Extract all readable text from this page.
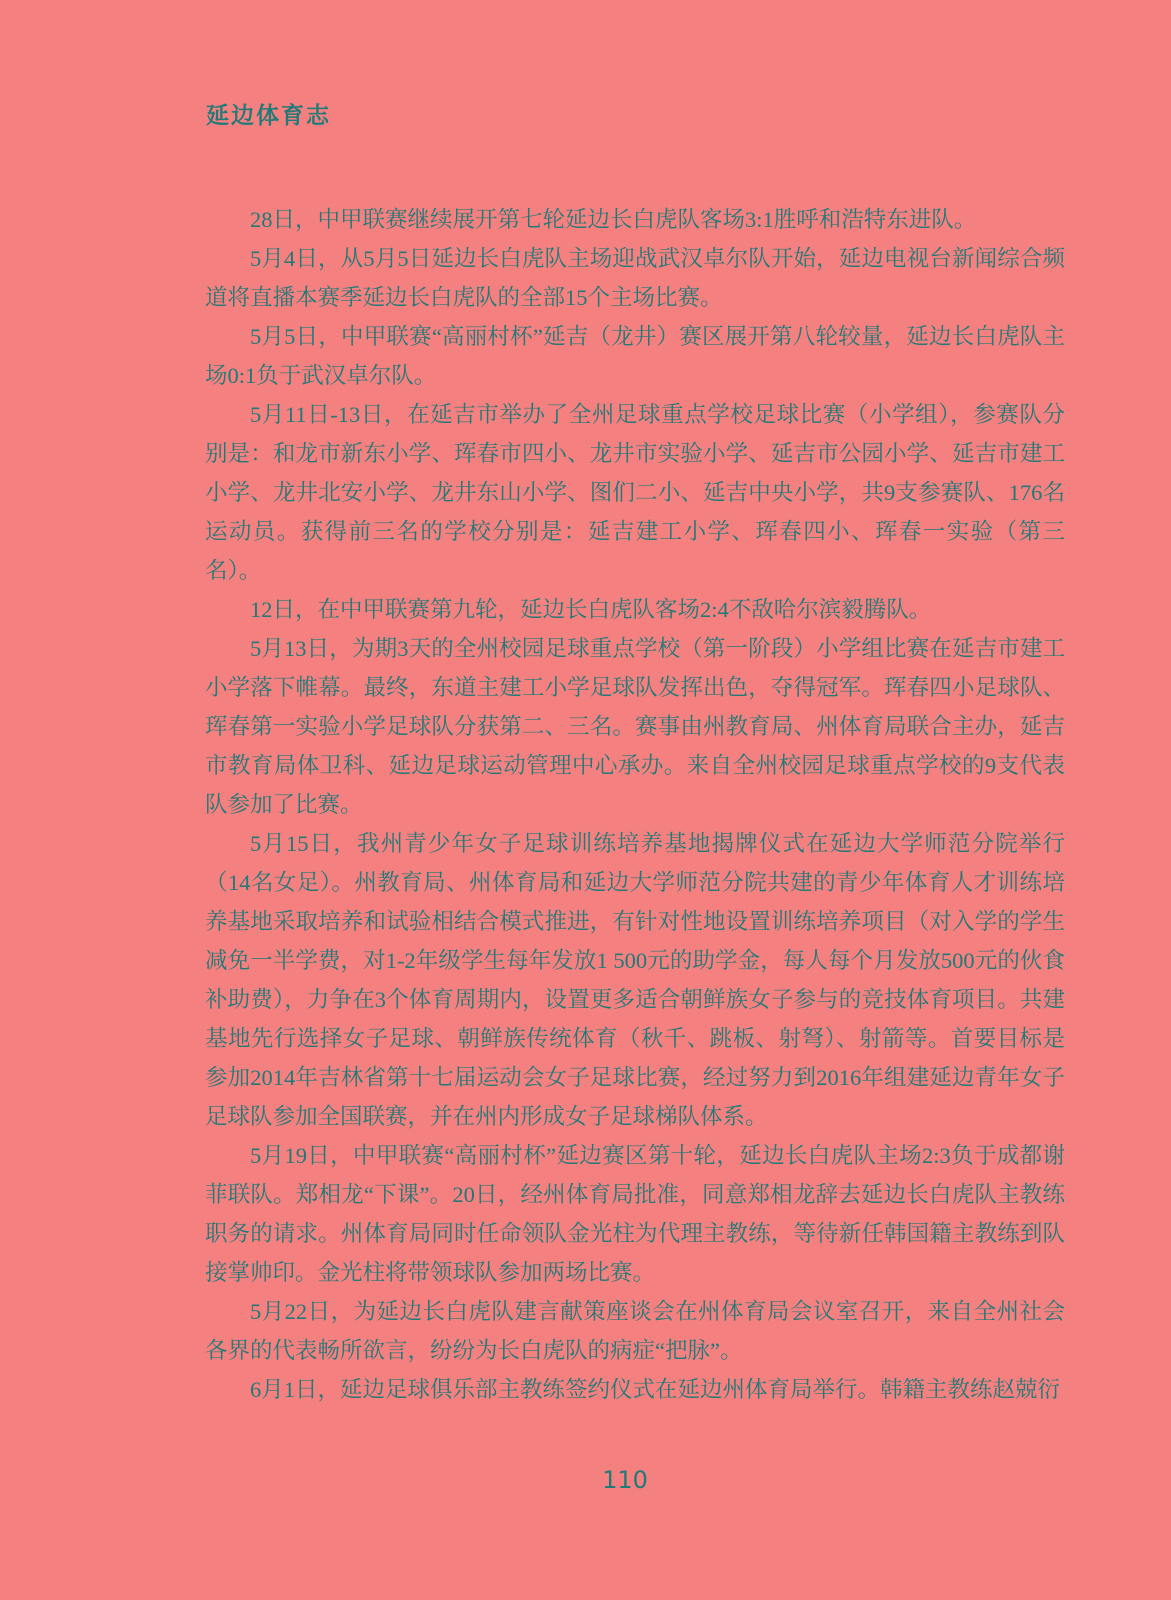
延边体育志

28日，中甲联赛继续展开第七轮延边长白虎队客场3:1胜呼和浩特东进队。

5月4日，从5月5日延边长白虎队主场迎战武汉卓尔队开始，延边电视台新闻综合频道将直播本赛季延边长白虎队的全部15个主场比赛。

5月5日，中甲联赛“高丽村杯”延吉（龙井）赛区展开第八轮较量，延边长白虎队主场0:1负于武汉卓尔队。

5月11日-13日，在延吉市举办了全州足球重点学校足球比赛（小学组），参赛队分别是：和龙市新东小学、珲春市四小、龙井市实验小学、延吉市公园小学、延吉市建工小学、龙井北安小学、龙井东山小学、图们二小、延吉中央小学，共9支参赛队、176名运动员。获得前三名的学校分别是：延吉建工小学、珲春四小、珲春一实验（第三名）。

12日，在中甲联赛第九轮，延边长白虎队客场2:4不敌哈尔滨毅腾队。

5月13日，为期3天的全州校园足球重点学校（第一阶段）小学组比赛在延吉市建工小学落下帷幕。最终，东道主建工小学足球队发挥出色，夺得冠军。珲春四小足球队、珲春第一实验小学足球队分获第二、三名。赛事由州教育局、州体育局联合主办，延吉市教育局体卫科、延边足球运动管理中心承办。来自全州校园足球重点学校的9支代表队参加了比赛。

5月15日，我州青少年女子足球训练培养基地揭牌仪式在延边大学师范分院举行（14名女足）。州教育局、州体育局和延边大学师范分院共建的青少年体育人才训练培养基地采取培养和试验相结合模式推进，有针对性地设置训练培养项目（对入学的学生减免一半学费，对1-2年级学生每年发放1 500元的助学金，每人每个月发放500元的伙食补助费），力争在3个体育周期内，设置更多适合朝鲜族女子参与的竞技体育项目。共建基地先行选择女子足球、朝鲜族传统体育（秋千、跳板、射弩）、射箭等。首要目标是参加2014年吉林省第十七届运动会女子足球比赛，经过努力到2016年组建延边青年女子足球队参加全国联赛，并在州内形成女子足球梯队体系。

5月19日，中甲联赛“高丽村杯”延边赛区第十轮，延边长白虎队主场2:3负于成都谢菲联队。郑相龙“下课”。20日，经州体育局批准，同意郑相龙辞去延边长白虎队主教练职务的请求。州体育局同时任命领队金光柱为代理主教练，等待新任韩国籍主教练到队接掌帅印。金光柱将带领球队参加两场比赛。

5月22日，为延边长白虎队建言献策座谈会在州体育局会议室召开，来自全州社会各界的代表畅所欲言，纷纷为长白虎队的病症“把脉”。

6月1日，延边足球俱乐部主教练签约仪式在延边州体育局举行。韩籍主教练赵兢衍

110
